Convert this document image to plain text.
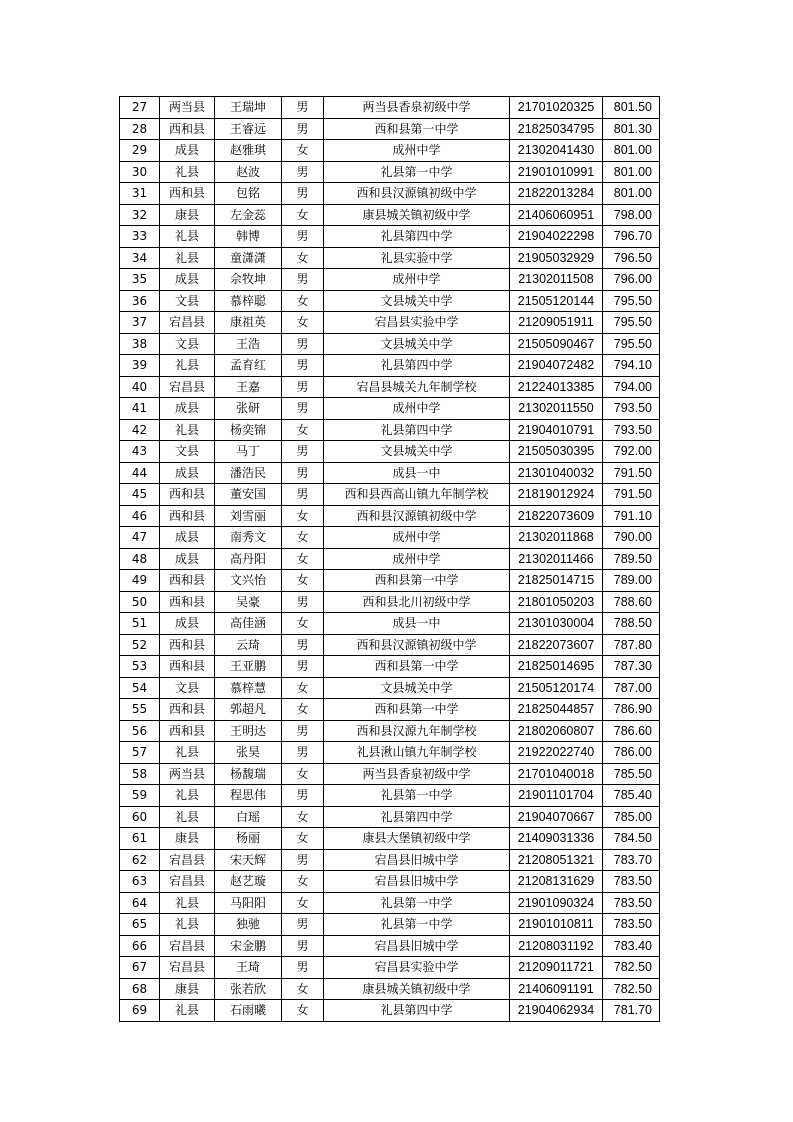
27	两当县	王瑞坤	男	两当县香泉初级中学	21701020325	801.50
28	西和县	王睿远	男	西和县第一中学	21825034795	801.30
29	成县	赵雅琪	女	成州中学	21302041430	801.00
30	礼县	赵波	男	礼县第一中学	21901010991	801.00
31	西和县	包铭	男	西和县汉源镇初级中学	21822013284	801.00
32	康县	左金蕊	女	康县城关镇初级中学	21406060951	798.00
33	礼县	韩博	男	礼县第四中学	21904022298	796.70
34	礼县	童潇潇	女	礼县实验中学	21905032929	796.50
35	成县	佘牧坤	男	成州中学	21302011508	796.00
36	文县	慕梓聪	女	文县城关中学	21505120144	795.50
37	宕昌县	康祖英	女	宕昌县实验中学	21209051911	795.50
38	文县	王浩	男	文县城关中学	21505090467	795.50
39	礼县	孟育红	男	礼县第四中学	21904072482	794.10
40	宕昌县	王嘉	男	宕昌县城关九年制学校	21224013385	794.00
41	成县	张研	男	成州中学	21302011550	793.50
42	礼县	杨奕锦	女	礼县第四中学	21904010791	793.50
43	文县	马丁	男	文县城关中学	21505030395	792.00
44	成县	潘浩民	男	成县一中	21301040032	791.50
45	西和县	董安国	男	西和县西高山镇九年制学校	21819012924	791.50
46	西和县	刘雪丽	女	西和县汉源镇初级中学	21822073609	791.10
47	成县	南秀文	女	成州中学	21302011868	790.00
48	成县	高丹阳	女	成州中学	21302011466	789.50
49	西和县	文兴怡	女	西和县第一中学	21825014715	789.00
50	西和县	吴豪	男	西和县北川初级中学	21801050203	788.60
51	成县	高佳涵	女	成县一中	21301030004	788.50
52	西和县	云琦	男	西和县汉源镇初级中学	21822073607	787.80
53	西和县	王亚鹏	男	西和县第一中学	21825014695	787.30
54	文县	慕梓慧	女	文县城关中学	21505120174	787.00
55	西和县	郭超凡	女	西和县第一中学	21825044857	786.90
56	西和县	王明达	男	西和县汉源九年制学校	21802060807	786.60
57	礼县	张昊	男	礼县湫山镇九年制学校	21922022740	786.00
58	两当县	杨馥瑞	女	两当县香泉初级中学	21701040018	785.50
59	礼县	程思伟	男	礼县第一中学	21901101704	785.40
60	礼县	白瑶	女	礼县第四中学	21904070667	785.00
61	康县	杨丽	女	康县大堡镇初级中学	21409031336	784.50
62	宕昌县	宋天辉	男	宕昌县旧城中学	21208051321	783.70
63	宕昌县	赵艺璇	女	宕昌县旧城中学	21208131629	783.50
64	礼县	马阳阳	女	礼县第一中学	21901090324	783.50
65	礼县	独驰	男	礼县第一中学	21901010811	783.50
66	宕昌县	宋金鹏	男	宕昌县旧城中学	21208031192	783.40
67	宕昌县	王琦	男	宕昌县实验中学	21209011721	782.50
68	康县	张若欣	女	康县城关镇初级中学	21406091191	782.50
69	礼县	石雨曦	女	礼县第四中学	21904062934	781.70
